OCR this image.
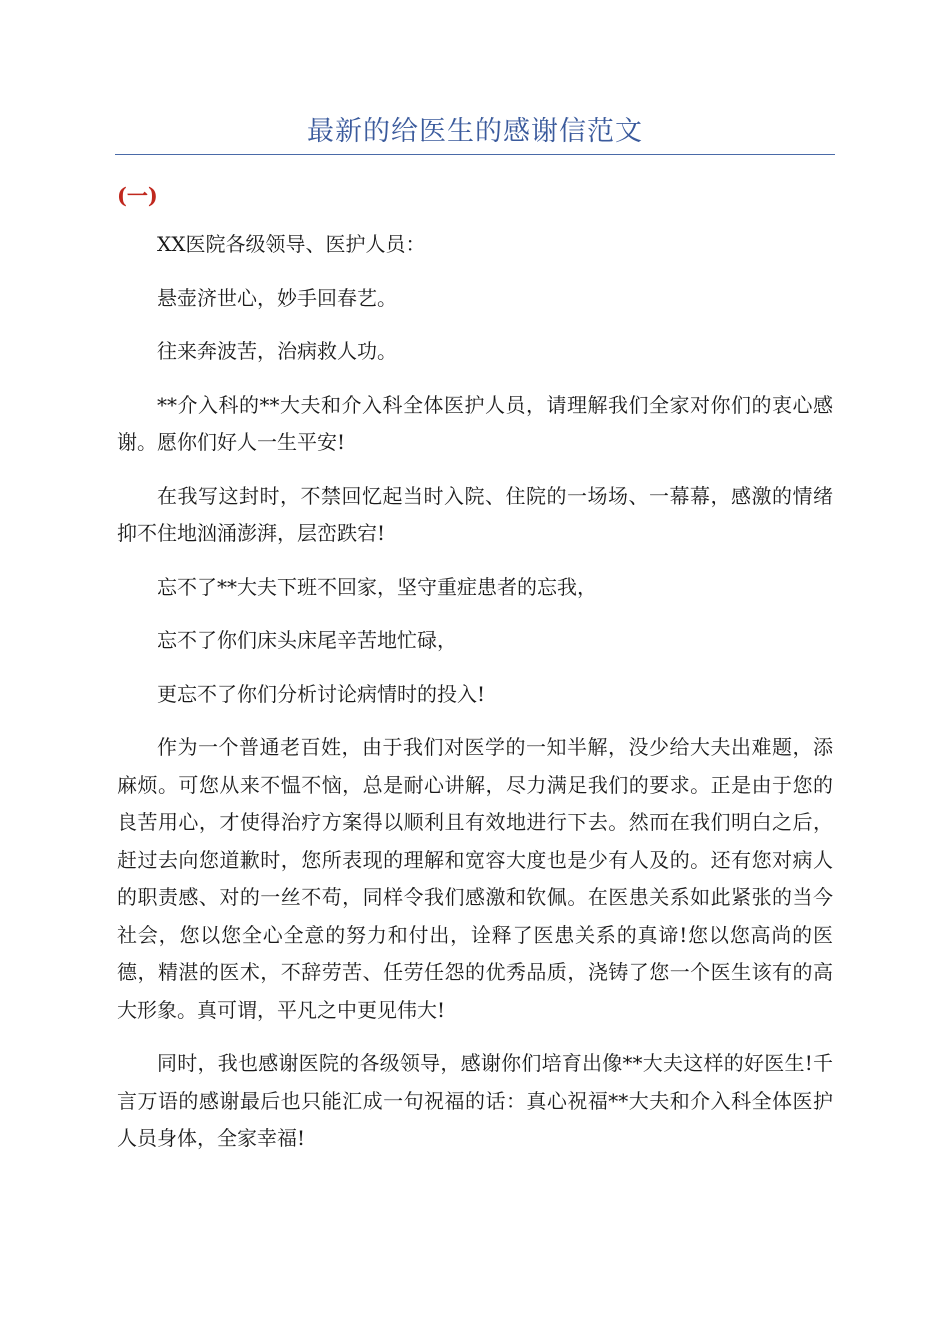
最新的给医生的感谢信范文
(一)

XX医院各级领导、医护人员：

悬壶济世心，妙手回春艺。

往来奔波苦，治病救人功。

**介入科的**大夫和介入科全体医护人员，请理解我们全家对你们的衷心感谢。愿你们好人一生平安!

在我写这封时，不禁回忆起当时入院、住院的一场场、一幕幕，感激的情绪抑不住地汹涌澎湃，层峦跌宕!

忘不了**大夫下班不回家，坚守重症患者的忘我，

忘不了你们床头床尾辛苦地忙碌，

更忘不了你们分析讨论病情时的投入!

作为一个普通老百姓，由于我们对医学的一知半解，没少给大夫出难题，添麻烦。可您从来不愠不恼，总是耐心讲解，尽力满足我们的要求。正是由于您的良苦用心，才使得治疗方案得以顺利且有效地进行下去。然而在我们明白之后，赶过去向您道歉时，您所表现的理解和宽容大度也是少有人及的。还有您对病人的职责感、对的一丝不苟，同样令我们感激和钦佩。在医患关系如此紧张的当今社会，您以您全心全意的努力和付出，诠释了医患关系的真谛!您以您高尚的医德，精湛的医术，不辞劳苦、任劳任怨的优秀品质，浇铸了您一个医生该有的高大形象。真可谓，平凡之中更见伟大!

同时，我也感谢医院的各级领导，感谢你们培育出像**大夫这样的好医生!千言万语的感谢最后也只能汇成一句祝福的话：真心祝福**大夫和介入科全体医护人员身体，全家幸福!
